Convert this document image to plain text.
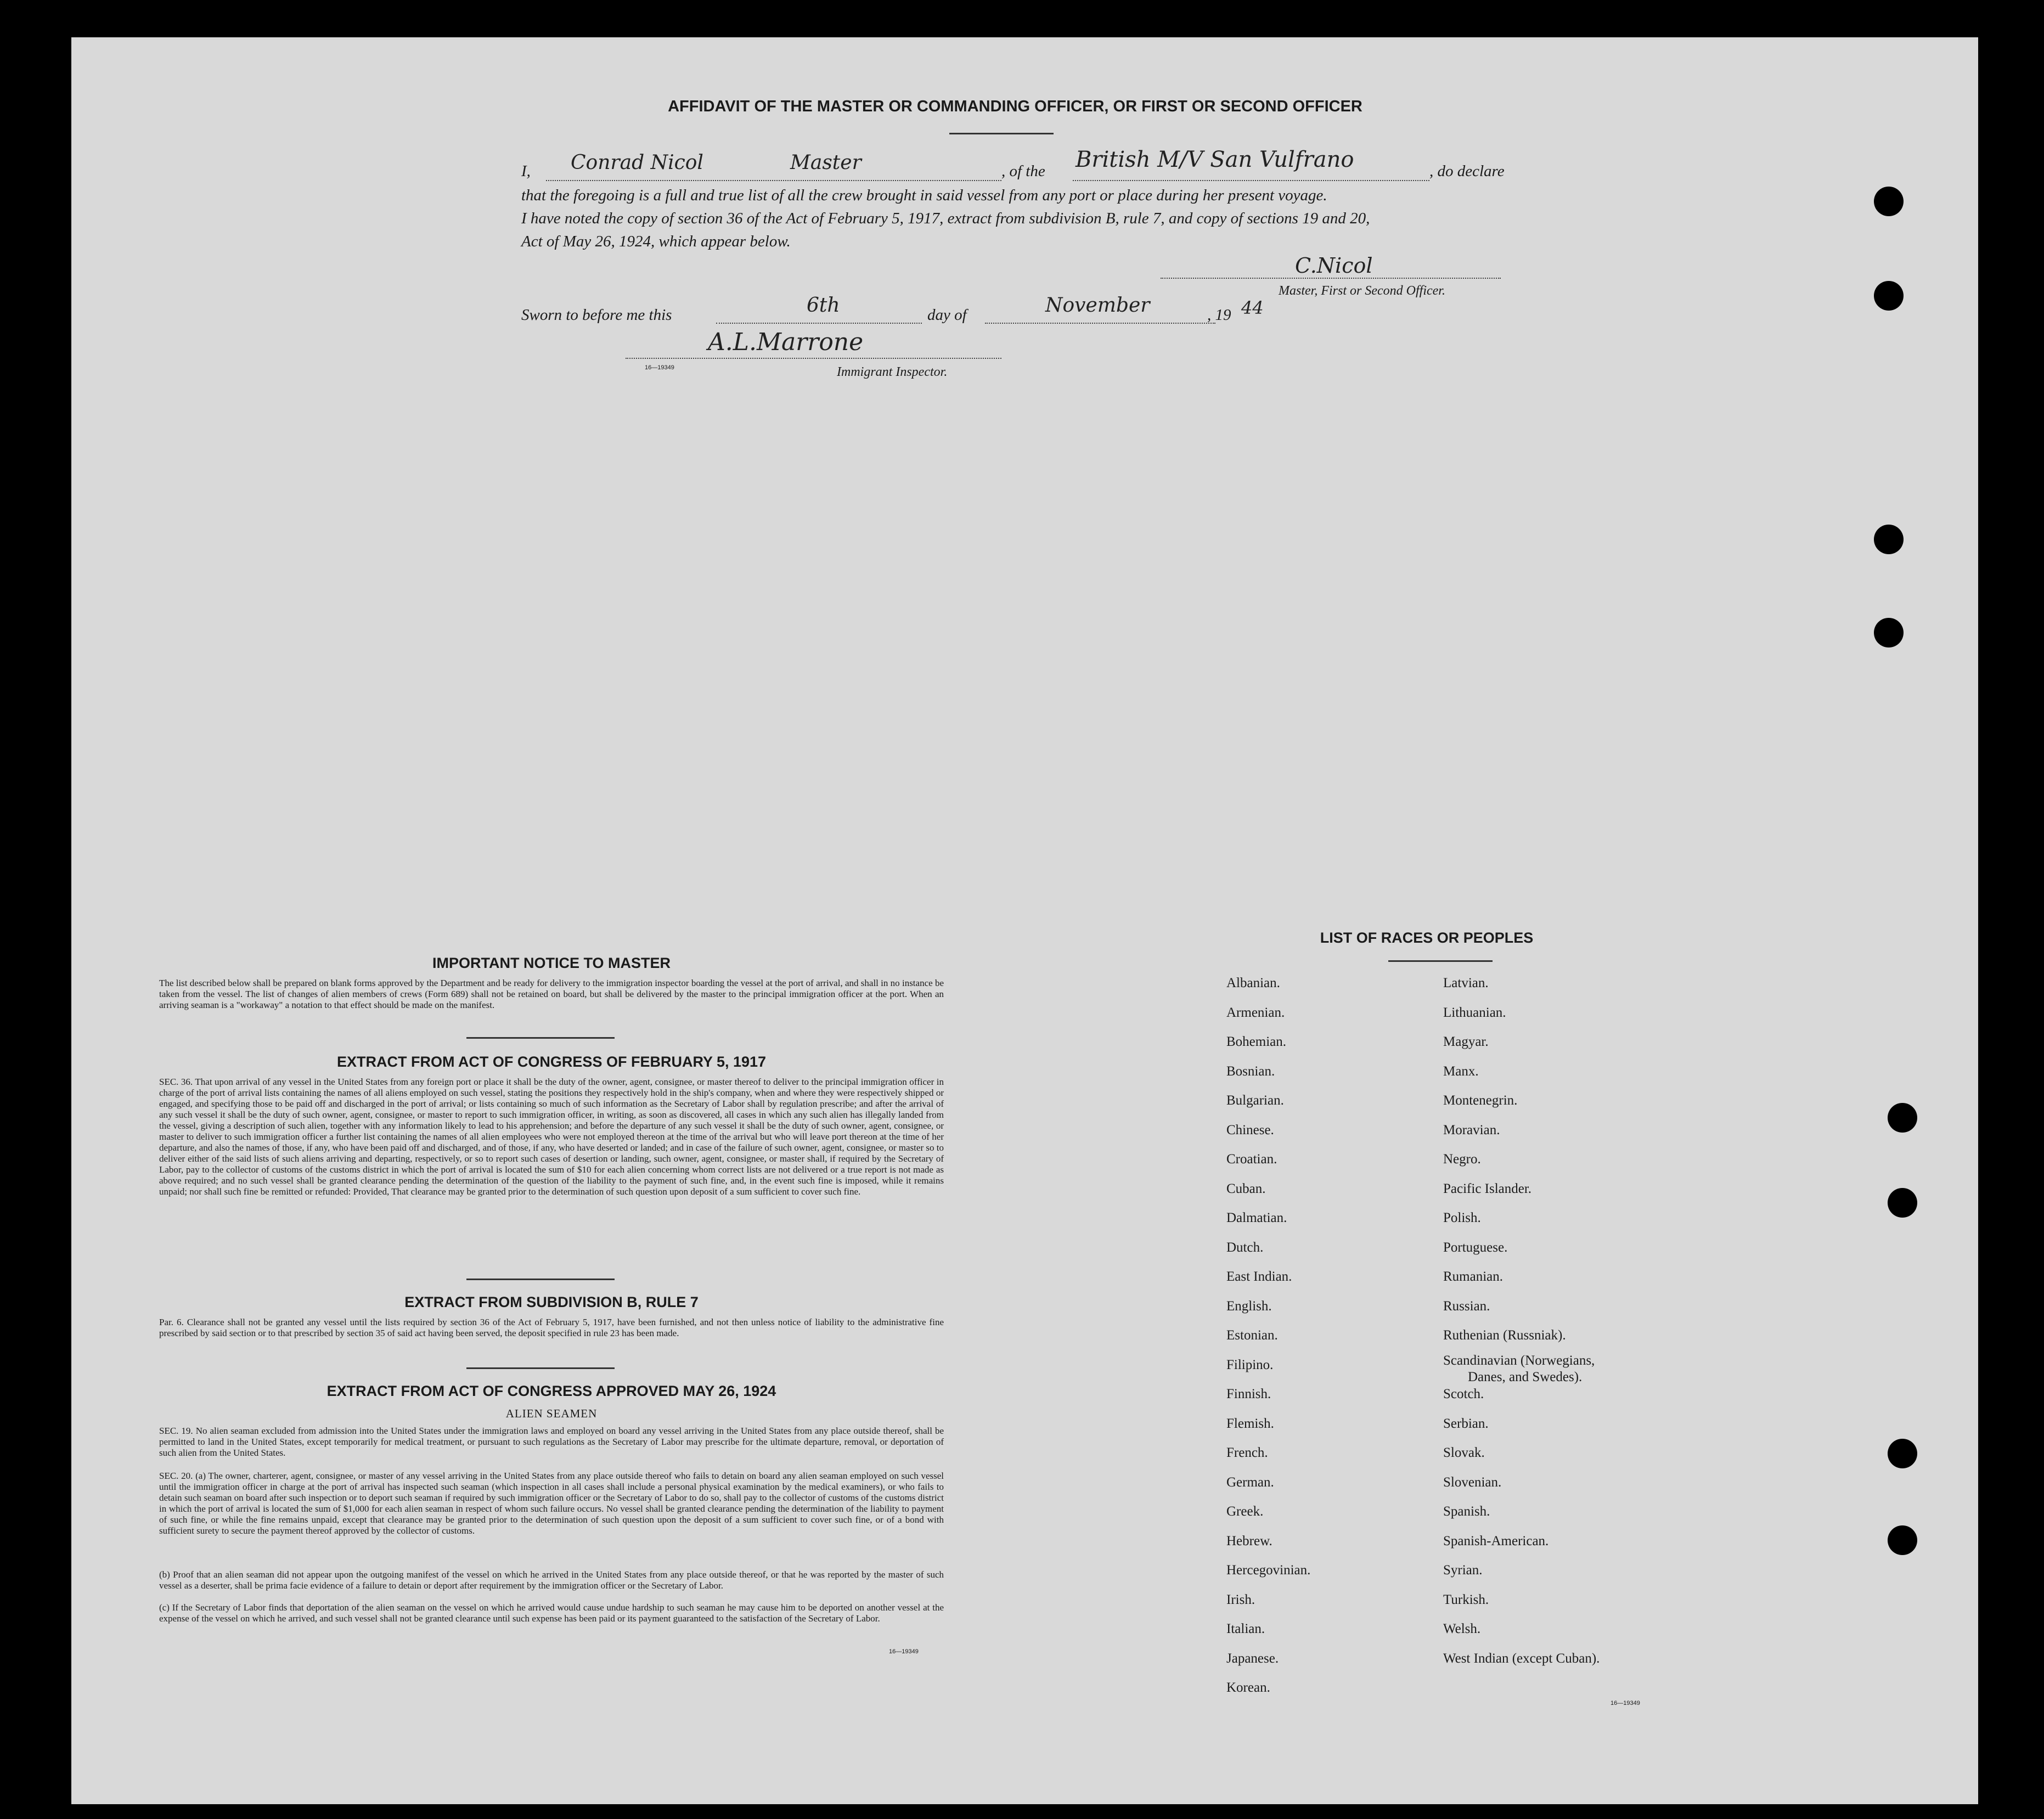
AFFIDAVIT OF THE MASTER OR COMMANDING OFFICER, OR FIRST OR SECOND OFFICER
I, Conrad Nicol	Master	, of the British M/V San Vulfrano	, do declare
that the foregoing is a full and true list of all the crew brought in said vessel from any port or place during her present voyage.
I have noted the copy of section 36 of the Act of February 5, 1917, extract from subdivision B, rule 7, and copy of sections 19 and 20,
Act of May 26, 1924, which appear below.
C.Nicol
Master, First or Second Officer.
Sworn to before me this	6th	day of	November	, 19 44
A.L.Marrone
16—19349	Immigrant Inspector.
IMPORTANT NOTICE TO MASTER
The list described below shall be prepared on blank forms approved by the Department and be ready for delivery to the immigration inspector boarding the vessel at the port of arrival, and shall in no instance be taken from the vessel. The list of changes of alien members of crews (Form 689) shall not be retained on board, but shall be delivered by the master to the principal immigration officer at the port. When an arriving seaman is a "workaway" a notation to that effect should be made on the manifest.
EXTRACT FROM ACT OF CONGRESS OF FEBRUARY 5, 1917
SEC. 36. That upon arrival of any vessel in the United States from any foreign port or place it shall be the duty of the owner, agent, consignee, or master thereof to deliver to the principal immigration officer in charge of the port of arrival lists containing the names of all aliens employed on such vessel, stating the positions they respectively hold in the ship's company, when and where they were respectively shipped or engaged, and specifying those to be paid off and discharged in the port of arrival; or lists containing so much of such information as the Secretary of Labor shall by regulation prescribe; and after the arrival of any such vessel it shall be the duty of such owner, agent, consignee, or master to report to such immigration officer, in writing, as soon as discovered, all cases in which any such alien has illegally landed from the vessel, giving a description of such alien, together with any information likely to lead to his apprehension; and before the departure of any such vessel it shall be the duty of such owner, agent, consignee, or master to deliver to such immigration officer a further list containing the names of all alien employees who were not employed thereon at the time of the arrival but who will leave port thereon at the time of her departure, and also the names of those, if any, who have been paid off and discharged, and of those, if any, who have deserted or landed; and in case of the failure of such owner, agent, consignee, or master so to deliver either of the said lists of such aliens arriving and departing, respectively, or so to report such cases of desertion or landing, such owner, agent, consignee, or master shall, if required by the Secretary of Labor, pay to the collector of customs of the customs district in which the port of arrival is located the sum of $10 for each alien concerning whom correct lists are not delivered or a true report is not made as above required; and no such vessel shall be granted clearance pending the determination of the question of the liability to the payment of such fine, and, in the event such fine is imposed, while it remains unpaid; nor shall such fine be remitted or refunded: Provided, That clearance may be granted prior to the determination of such question upon deposit of a sum sufficient to cover such fine.
EXTRACT FROM SUBDIVISION B, RULE 7
Par. 6. Clearance shall not be granted any vessel until the lists required by section 36 of the Act of February 5, 1917, have been furnished, and not then unless notice of liability to the administrative fine prescribed by said section or to that prescribed by section 35 of said act having been served, the deposit specified in rule 23 has been made.
EXTRACT FROM ACT OF CONGRESS APPROVED MAY 26, 1924
ALIEN SEAMEN
SEC. 19. No alien seaman excluded from admission into the United States under the immigration laws and employed on board any vessel arriving in the United States from any place outside thereof, shall be permitted to land in the United States, except temporarily for medical treatment, or pursuant to such regulations as the Secretary of Labor may prescribe for the ultimate departure, removal, or deportation of such alien from the United States.
SEC. 20. (a) The owner, charterer, agent, consignee, or master of any vessel arriving in the United States from any place outside thereof who fails to detain on board any alien seaman employed on such vessel until the immigration officer in charge at the port of arrival has inspected such seaman (which inspection in all cases shall include a personal physical examination by the medical examiners), or who fails to detain such seaman on board after such inspection or to deport such seaman if required by such immigration officer or the Secretary of Labor to do so, shall pay to the collector of customs of the customs district in which the port of arrival is located the sum of $1,000 for each alien seaman in respect of whom such failure occurs. No vessel shall be granted clearance pending the determination of the liability to payment of such fine, or while the fine remains unpaid, except that clearance may be granted prior to the determination of such question upon the deposit of a sum sufficient to cover such fine, or of a bond with sufficient surety to secure the payment thereof approved by the collector of customs.
(b) Proof that an alien seaman did not appear upon the outgoing manifest of the vessel on which he arrived in the United States from any place outside thereof, or that he was reported by the master of such vessel as a deserter, shall be prima facie evidence of a failure to detain or deport after requirement by the immigration officer or the Secretary of Labor.
(c) If the Secretary of Labor finds that deportation of the alien seaman on the vessel on which he arrived would cause undue hardship to such seaman he may cause him to be deported on another vessel at the expense of the vessel on which he arrived, and such vessel shall not be granted clearance until such expense has been paid or its payment guaranteed to the satisfaction of the Secretary of Labor.
16—19349
LIST OF RACES OR PEOPLES
Albanian.
Armenian.
Bohemian.
Bosnian.
Bulgarian.
Chinese.
Croatian.
Cuban.
Dalmatian.
Dutch.
East Indian.
English.
Estonian.
Filipino.
Finnish.
Flemish.
French.
German.
Greek.
Hebrew.
Hercegovinian.
Irish.
Italian.
Japanese.
Korean.
Latvian.
Lithuanian.
Magyar.
Manx.
Montenegrin.
Moravian.
Negro.
Pacific Islander.
Polish.
Portuguese.
Rumanian.
Russian.
Ruthenian (Russniak).
Scandinavian (Norwegians,
Danes, and Swedes).
Scotch.
Serbian.
Slovak.
Slovenian.
Spanish.
Spanish-American.
Syrian.
Turkish.
Welsh.
West Indian (except Cuban).
16—19349
